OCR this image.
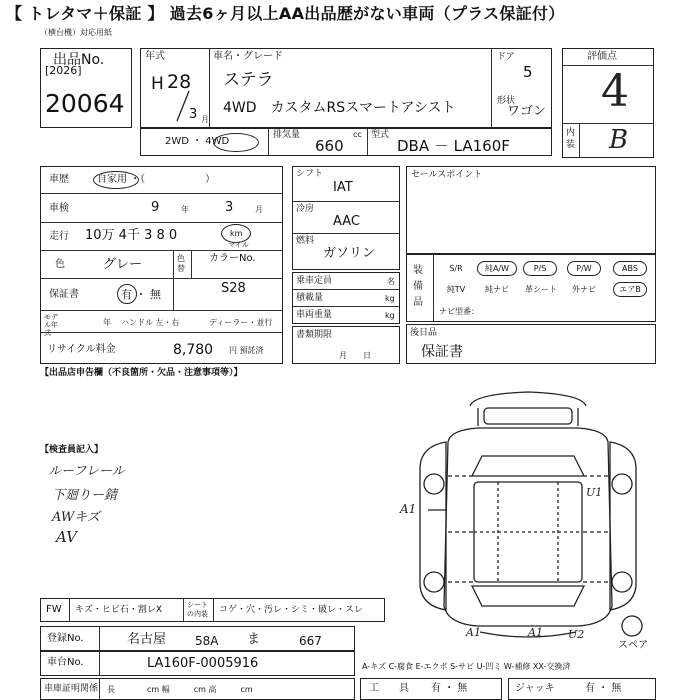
【 トレタマ＋保証 】 過去6ヶ月以上AA出品歴がない車両（プラス保証付）
（横台機）対応用紙
出品No.
[2026]
20064
年式
H 28
3 月
車名・グレード
ステラ
4WD　カスタムRSスマートアシスト
ドア
5
形状
ワゴン
2WD ・ 4WD
排気量	cc
660
型式
DBA － LA160F
評価点
4
内装 B
車歴	自家用 ・（　　　　　　）
車検	9	年	3	月
走行 10万 4千 3 8 0	km
マイル
色	グレー	色替
カラーNo.
保証書	有 ・ 無	S28
モデル年式
年 ハンドル 左・右	ディーラー・並行
リサイクル料金	8,780 円 預託済
シフト
IAT
冷房
AAC
燃料
ガソリン
乗車定員	名
積載量	kg
車両重量	kg
書類期限
月　　日
セールスポイント
装備品
S/R	純A/W	P/S	P/W	ABS
純TV	純ナビ	革シート	外ナビ	エアB
ナビ型番：
後日品
保証書
【出品店申告欄（不良箇所・欠品・注意事項等）】
【検査員記入】
ルーフレール
下廻りー錆
AWキズ
AV
A1
U1
A1	A1 U2
スペア
FW キズ・ヒビ石・割レX	シートの内装	コゲ・穴・汚レ・シミ・破レ・スレ
登録No.	名古屋 58A ま	667
車台No.	LA160F-0005916	A-キズ C-腐食 E-エクボ S-サビ U-凹ミ W-補修 XX-交換済
車庫証明関係 長　　　　cm 幅　　　cm 高　　　cm	工　　具 有 ・ 無	ジャッキ	有 ・ 無
